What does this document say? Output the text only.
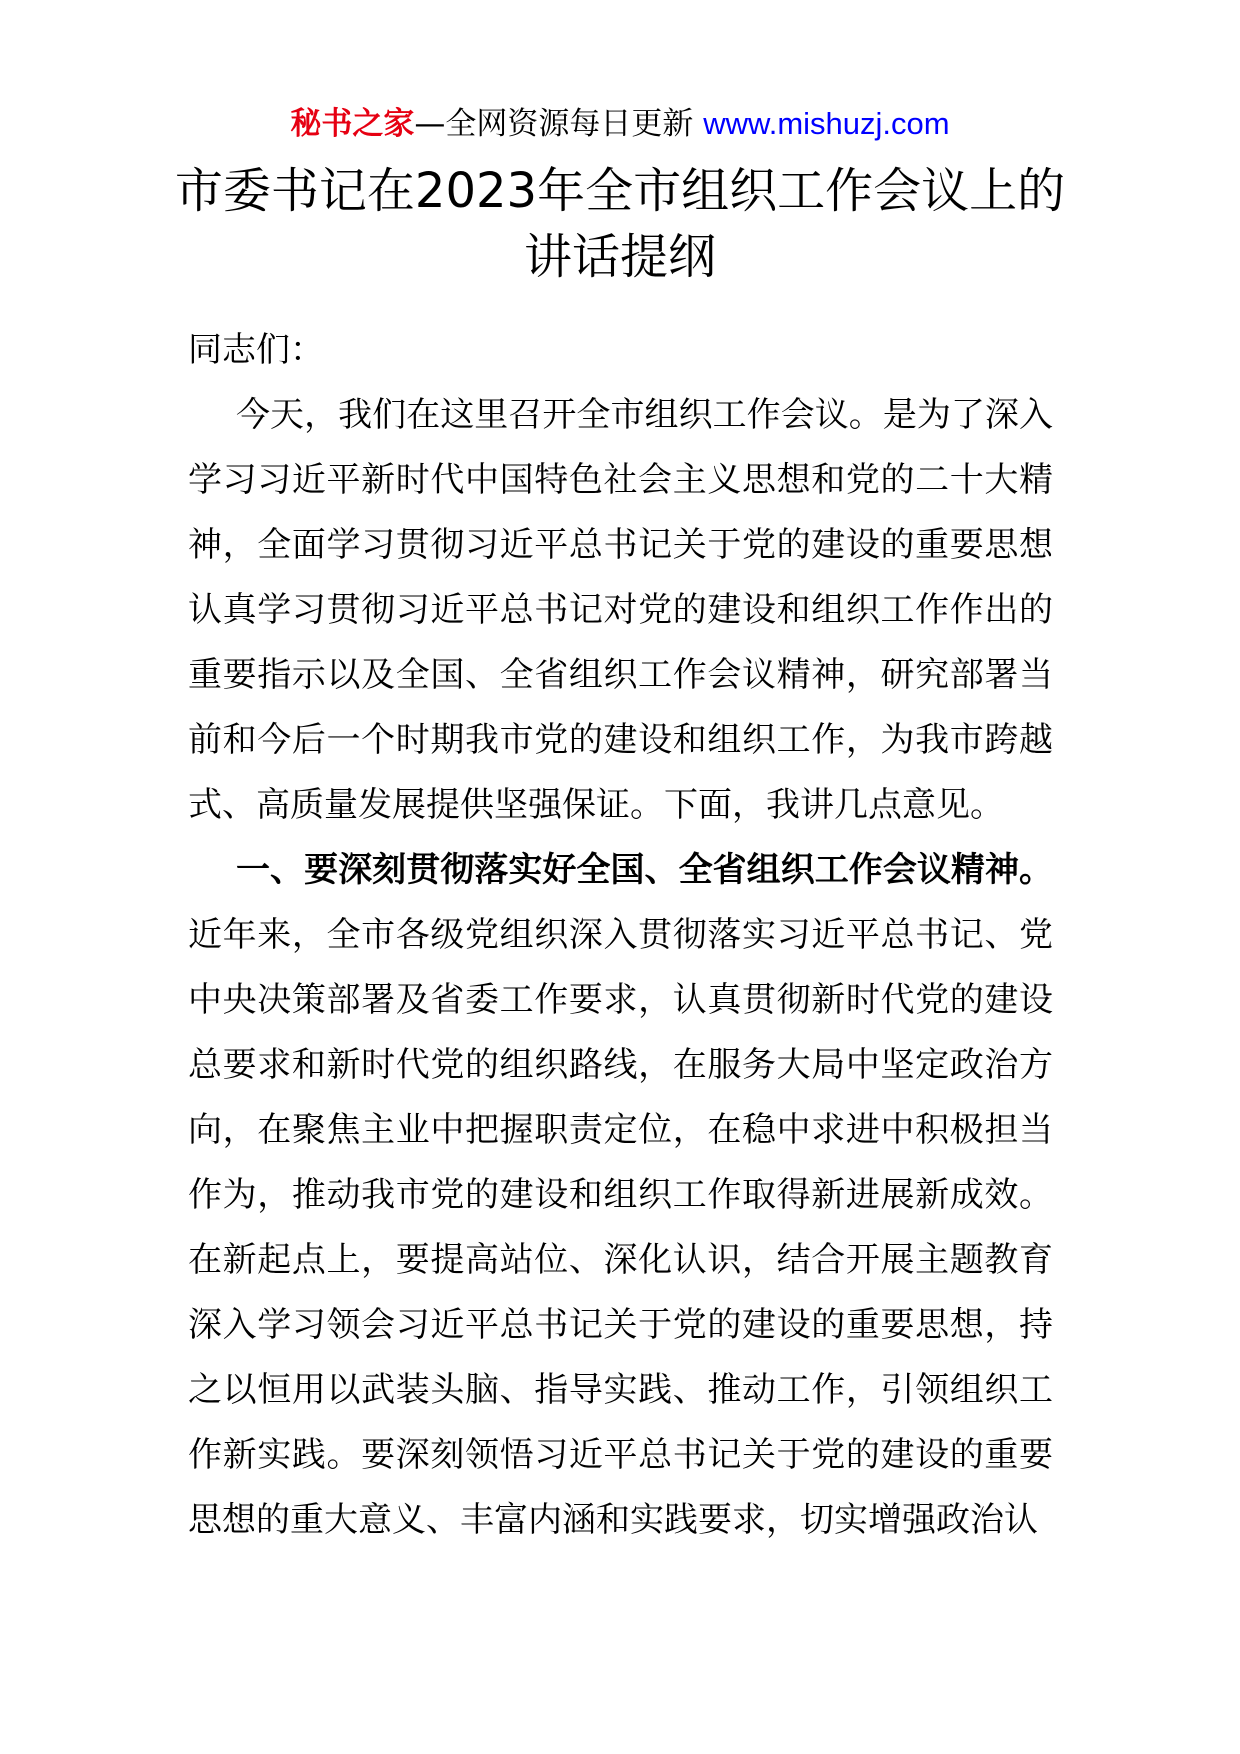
秘书之家—全网资源每日更新 www.mishuzj.com
市委书记在2023年全市组织工作会议上的
讲话提纲

同志们：

今天，我们在这里召开全市组织工作会议。是为了深入学习习近平新时代中国特色社会主义思想和党的二十大精神，全面学习贯彻习近平总书记关于党的建设的重要思想认真学习贯彻习近平总书记对党的建设和组织工作作出的重要指示以及全国、全省组织工作会议精神，研究部署当前和今后一个时期我市党的建设和组织工作，为我市跨越式、高质量发展提供坚强保证。下面，我讲几点意见。

一、要深刻贯彻落实好全国、全省组织工作会议精神。近年来，全市各级党组织深入贯彻落实习近平总书记、党中央决策部署及省委工作要求，认真贯彻新时代党的建设总要求和新时代党的组织路线，在服务大局中坚定政治方向，在聚焦主业中把握职责定位，在稳中求进中积极担当作为，推动我市党的建设和组织工作取得新进展新成效。在新起点上，要提高站位、深化认识，结合开展主题教育深入学习领会习近平总书记关于党的建设的重要思想，持之以恒用以武装头脑、指导实践、推动工作，引领组织工作新实践。要深刻领悟习近平总书记关于党的建设的重要思想的重大意义、丰富内涵和实践要求，切实增强政治认
